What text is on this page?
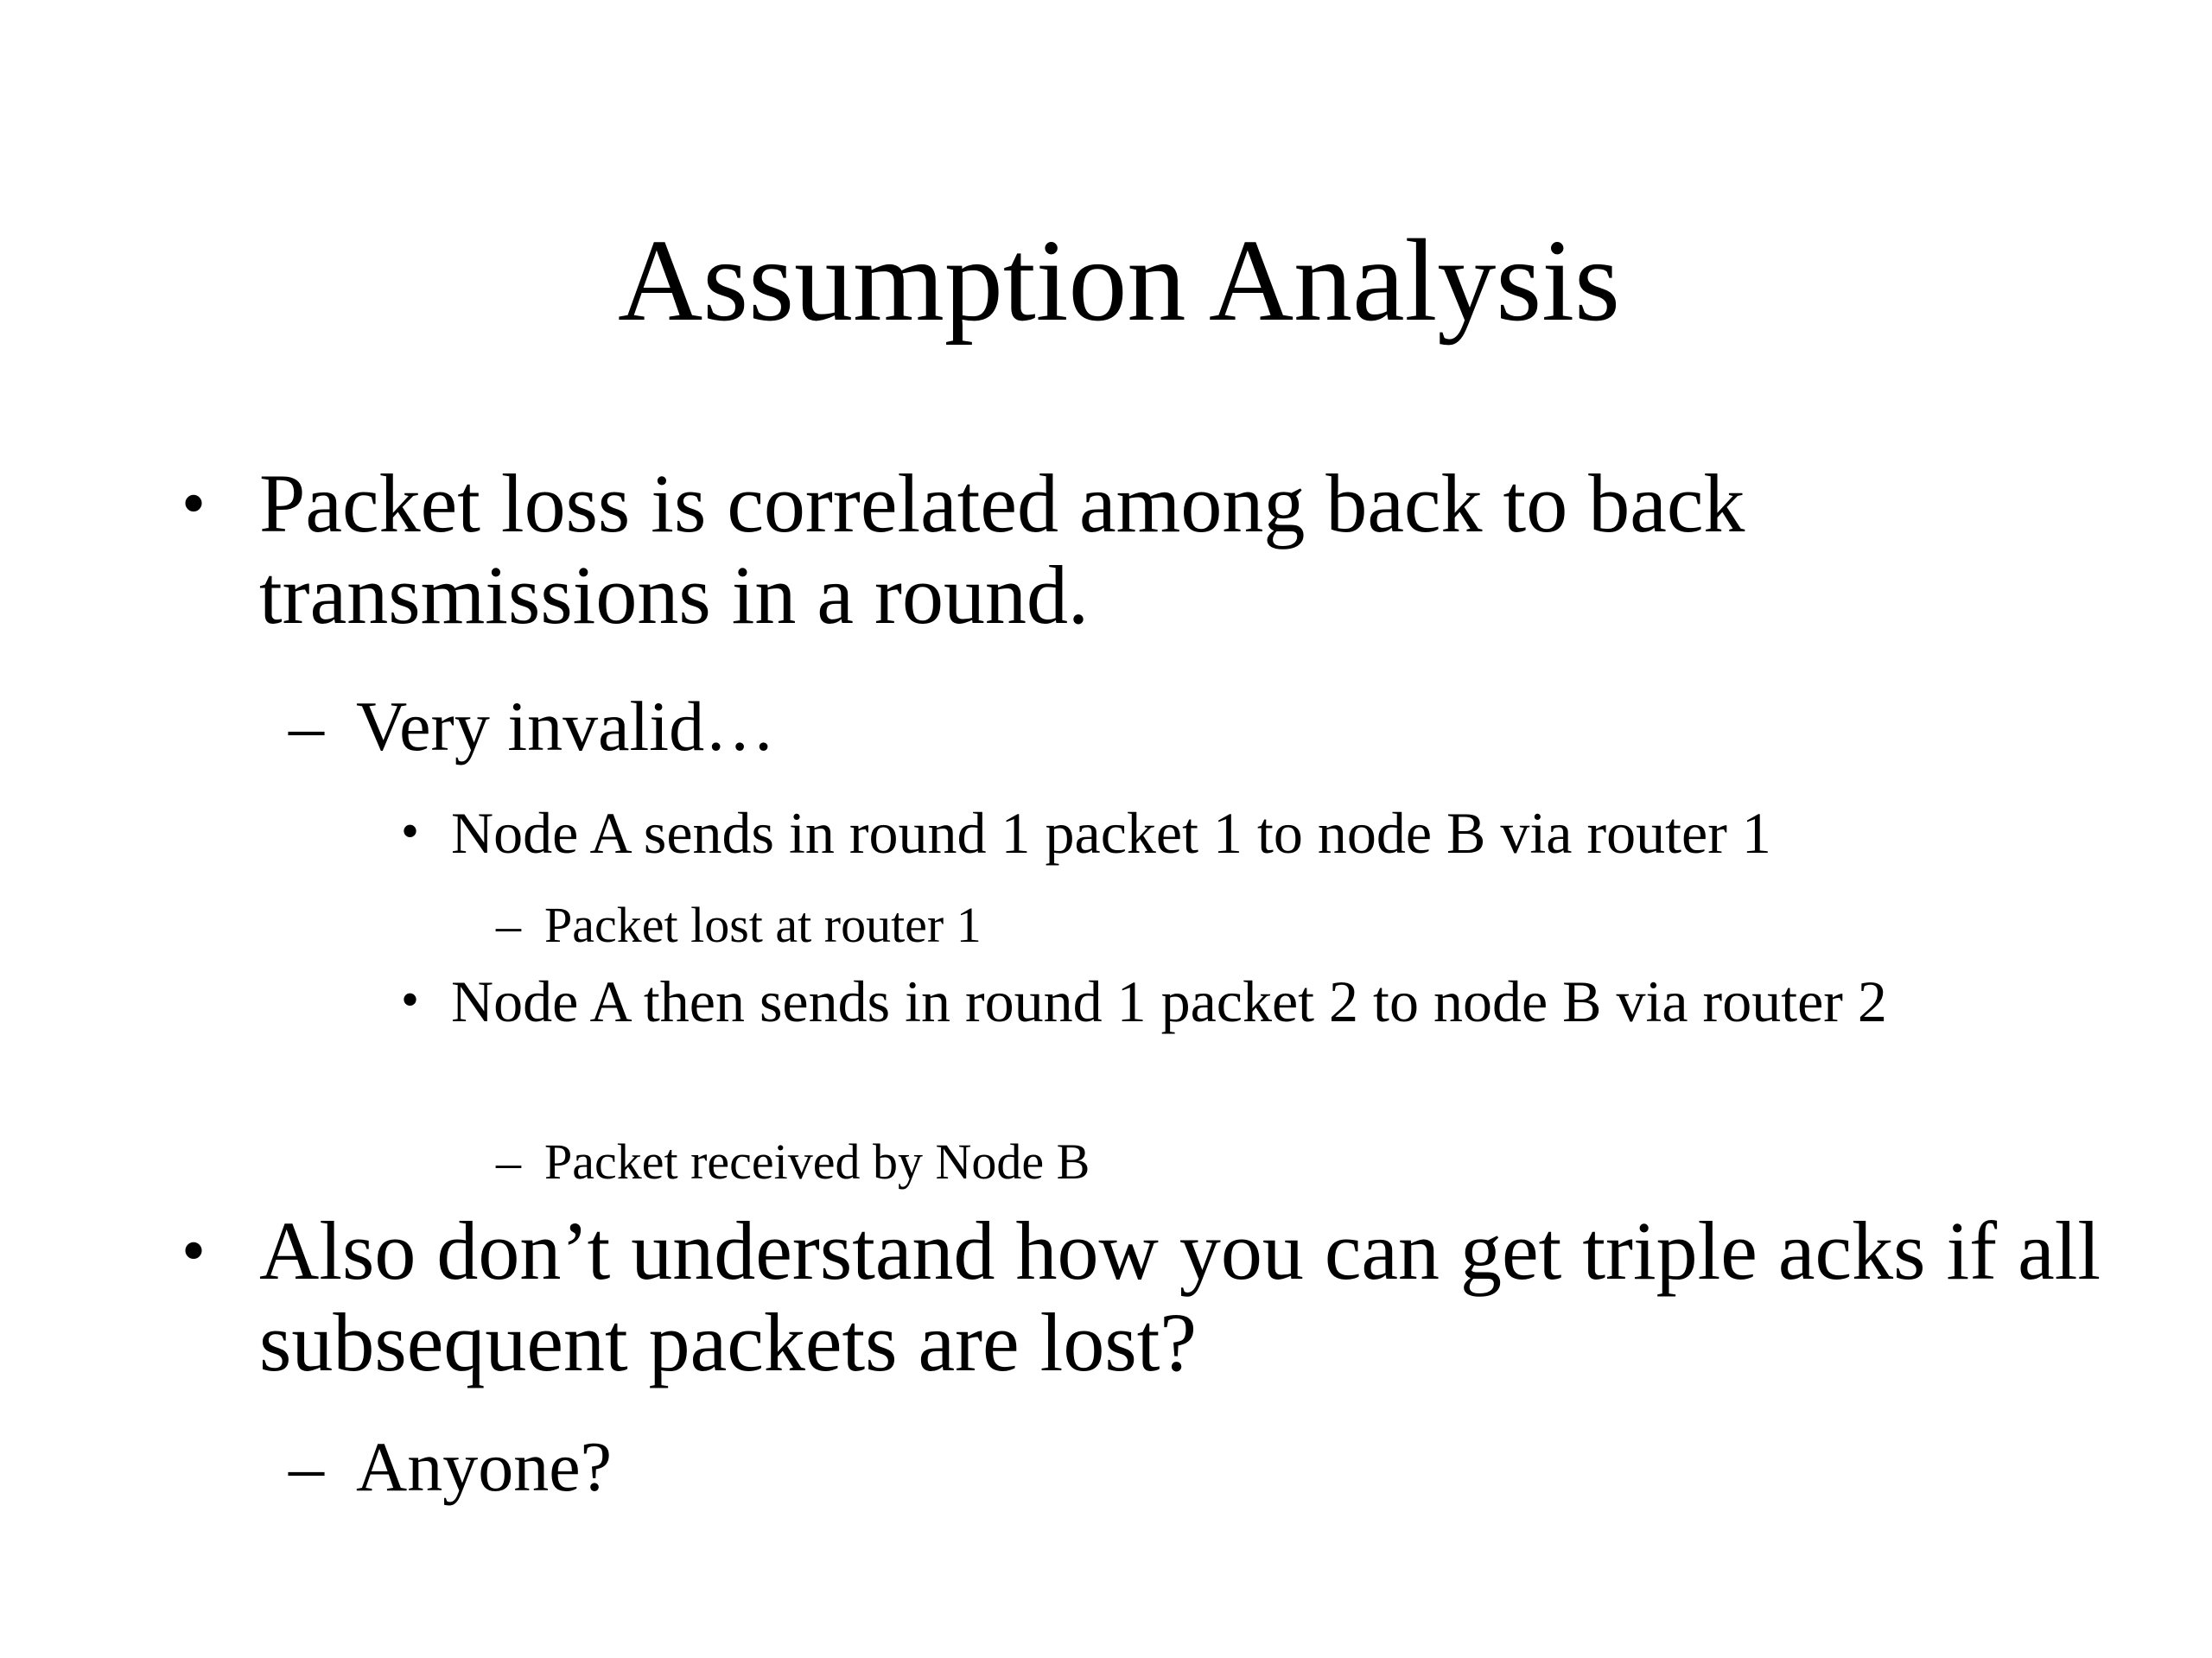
Assumption Analysis
• Packet loss is correlated among back to back transmissions in a round.
– Very invalid…
• Node A sends in round 1 packet 1 to node B via router 1
– Packet lost at router 1
• Node A then sends in round 1 packet 2 to node B via router 2
– Packet received by Node B
• Also don’t understand how you can get triple acks if all subsequent packets are lost?
– Anyone?
